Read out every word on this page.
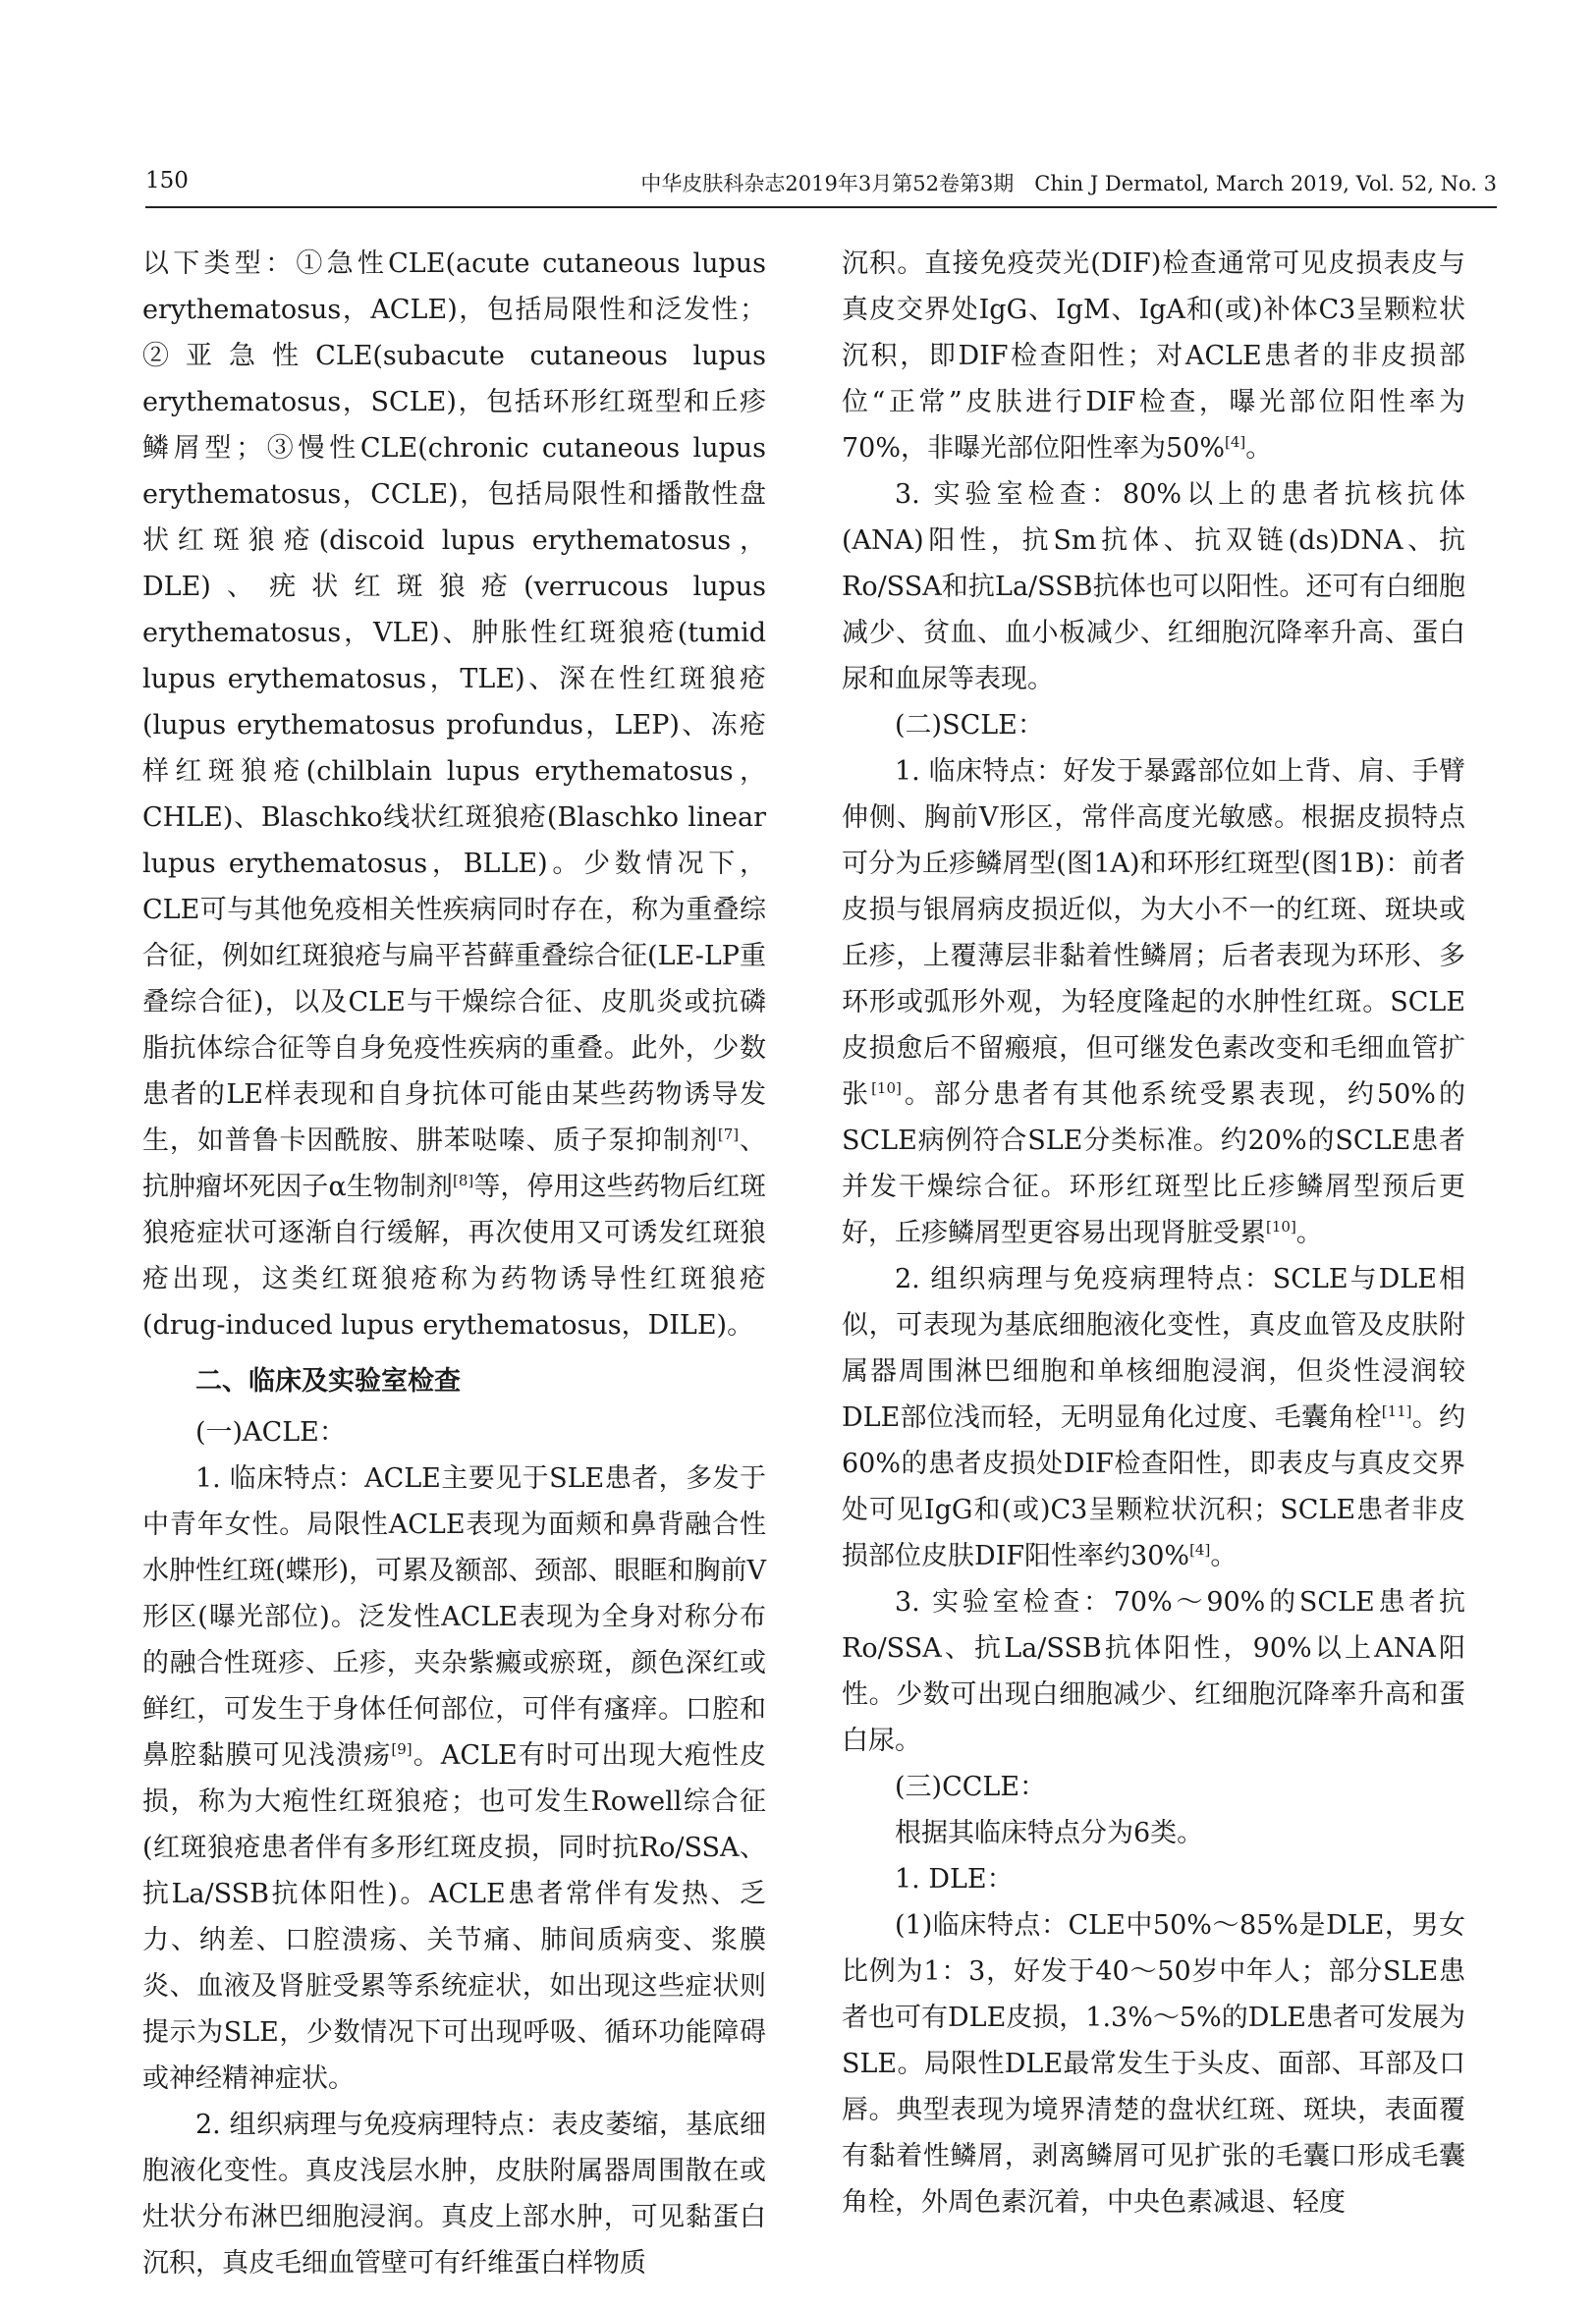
150	中华皮肤科杂志2019年3月第52卷第3期　Chin J Dermatol, March 2019, Vol. 52, No. 3

以下类型：①急性CLE(acute cutaneous lupus erythematosus，ACLE)，包括局限性和泛发性；②亚急性CLE(subacute cutaneous lupus erythematosus，SCLE)，包括环形红斑型和丘疹鳞屑型；③慢性CLE(chronic cutaneous lupus erythematosus，CCLE)，包括局限性和播散性盘状红斑狼疮(discoid lupus erythematosus，DLE)、疣状红斑狼疮(verrucous lupus erythematosus，VLE)、肿胀性红斑狼疮(tumid lupus erythematosus，TLE)、深在性红斑狼疮(lupus erythematosus profundus，LEP)、冻疮样红斑狼疮(chilblain lupus erythematosus，CHLE)、Blaschko线状红斑狼疮(Blaschko linear lupus erythematosus，BLLE)。少数情况下，CLE可与其他免疫相关性疾病同时存在，称为重叠综合征，例如红斑狼疮与扁平苔藓重叠综合征(LE-LP重叠综合征)，以及CLE与干燥综合征、皮肌炎或抗磷脂抗体综合征等自身免疫性疾病的重叠。此外，少数患者的LE样表现和自身抗体可能由某些药物诱导发生，如普鲁卡因酰胺、肼苯哒嗪、质子泵抑制剂[7]、抗肿瘤坏死因子α生物制剂[8]等，停用这些药物后红斑狼疮症状可逐渐自行缓解，再次使用又可诱发红斑狼疮出现，这类红斑狼疮称为药物诱导性红斑狼疮(drug-induced lupus erythematosus，DILE)。

二、临床及实验室检查

(一)ACLE：

1. 临床特点：ACLE主要见于SLE患者，多发于中青年女性。局限性ACLE表现为面颊和鼻背融合性水肿性红斑(蝶形)，可累及额部、颈部、眼眶和胸前V形区(曝光部位)。泛发性ACLE表现为全身对称分布的融合性斑疹、丘疹，夹杂紫癜或瘀斑，颜色深红或鲜红，可发生于身体任何部位，可伴有瘙痒。口腔和鼻腔黏膜可见浅溃疡[9]。ACLE有时可出现大疱性皮损，称为大疱性红斑狼疮；也可发生Rowell综合征(红斑狼疮患者伴有多形红斑皮损，同时抗Ro/SSA、抗La/SSB抗体阳性)。ACLE患者常伴有发热、乏力、纳差、口腔溃疡、关节痛、肺间质病变、浆膜炎、血液及肾脏受累等系统症状，如出现这些症状则提示为SLE，少数情况下可出现呼吸、循环功能障碍或神经精神症状。

2. 组织病理与免疫病理特点：表皮萎缩，基底细胞液化变性。真皮浅层水肿，皮肤附属器周围散在或灶状分布淋巴细胞浸润。真皮上部水肿，可见黏蛋白沉积，真皮毛细血管壁可有纤维蛋白样物质

沉积。直接免疫荧光(DIF)检查通常可见皮损表皮与真皮交界处IgG、IgM、IgA和(或)补体C3呈颗粒状沉积，即DIF检查阳性；对ACLE患者的非皮损部位“正常”皮肤进行DIF检查，曝光部位阳性率为70%，非曝光部位阳性率为50%[4]。

3. 实验室检查：80%以上的患者抗核抗体(ANA)阳性，抗Sm抗体、抗双链(ds)DNA、抗Ro/SSA和抗La/SSB抗体也可以阳性。还可有白细胞减少、贫血、血小板减少、红细胞沉降率升高、蛋白尿和血尿等表现。

(二)SCLE：

1. 临床特点：好发于暴露部位如上背、肩、手臂伸侧、胸前V形区，常伴高度光敏感。根据皮损特点可分为丘疹鳞屑型(图1A)和环形红斑型(图1B)：前者皮损与银屑病皮损近似，为大小不一的红斑、斑块或丘疹，上覆薄层非黏着性鳞屑；后者表现为环形、多环形或弧形外观，为轻度隆起的水肿性红斑。SCLE皮损愈后不留瘢痕，但可继发色素改变和毛细血管扩张[10]。部分患者有其他系统受累表现，约50%的SCLE病例符合SLE分类标准。约20%的SCLE患者并发干燥综合征。环形红斑型比丘疹鳞屑型预后更好，丘疹鳞屑型更容易出现肾脏受累[10]。

2. 组织病理与免疫病理特点：SCLE与DLE相似，可表现为基底细胞液化变性，真皮血管及皮肤附属器周围淋巴细胞和单核细胞浸润，但炎性浸润较DLE部位浅而轻，无明显角化过度、毛囊角栓[11]。约60%的患者皮损处DIF检查阳性，即表皮与真皮交界处可见IgG和(或)C3呈颗粒状沉积；SCLE患者非皮损部位皮肤DIF阳性率约30%[4]。

3. 实验室检查：70%～90%的SCLE患者抗Ro/SSA、抗La/SSB抗体阳性，90%以上ANA阳性。少数可出现白细胞减少、红细胞沉降率升高和蛋白尿。

(三)CCLE：

根据其临床特点分为6类。

1. DLE：

(1)临床特点：CLE中50%～85%是DLE，男女比例为1：3，好发于40～50岁中年人；部分SLE患者也可有DLE皮损，1.3%～5%的DLE患者可发展为SLE。局限性DLE最常发生于头皮、面部、耳部及口唇。典型表现为境界清楚的盘状红斑、斑块，表面覆有黏着性鳞屑，剥离鳞屑可见扩张的毛囊口形成毛囊角栓，外周色素沉着，中央色素减退、轻度
